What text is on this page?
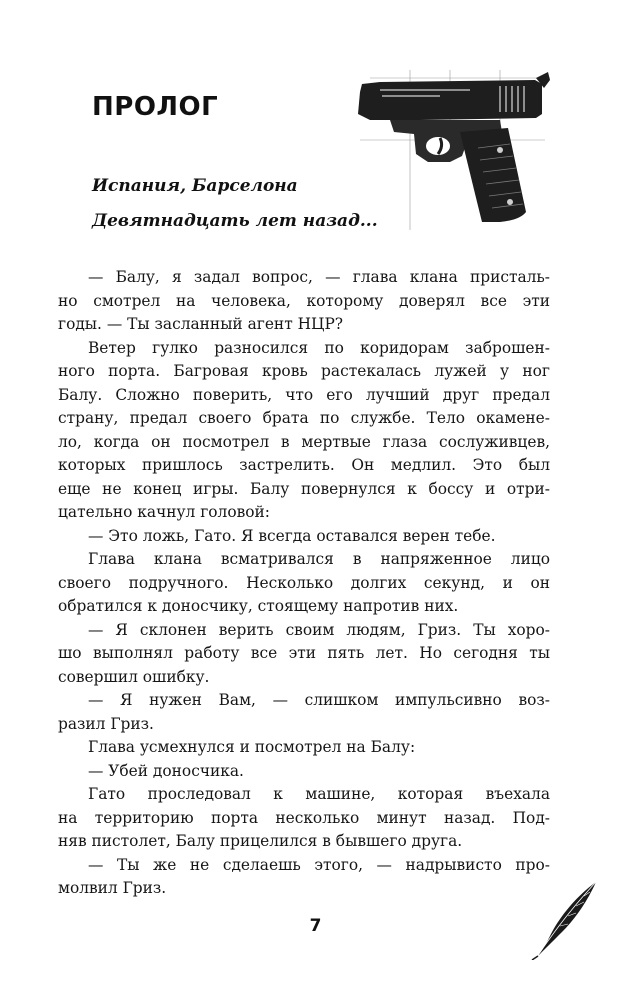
ПРОЛОГ
Испания, Барселона
Девятнадцать лет назад...

— Балу, я задал вопрос, — глава клана присталь-
но смотрел на человека, которому доверял все эти
годы. — Ты засланный агент НЦР?

Ветер гулко разносился по коридорам заброшен-
ного порта. Багровая кровь растекалась лужей у ног
Балу. Сложно поверить, что его лучший друг предал
страну, предал своего брата по службе. Тело окамене-
ло, когда он посмотрел в мертвые глаза сослуживцев,
которых пришлось застрелить. Он медлил. Это был
еще не конец игры. Балу повернулся к боссу и отри-
цательно качнул головой:

— Это ложь, Гато. Я всегда оставался верен тебе.

Глава клана всматривался в напряженное лицо
своего подручного. Несколько долгих секунд, и он
обратился к доносчику, стоящему напротив них.

— Я склонен верить своим людям, Гриз. Ты хоро-
шо выполнял работу все эти пять лет. Но сегодня ты
совершил ошибку.

— Я нужен Вам, — слишком импульсивно воз-
разил Гриз.

Глава усмехнулся и посмотрел на Балу:

— Убей доносчика.

Гато проследовал к машине, которая въехала
на территорию порта несколько минут назад. Под-
няв пистолет, Балу прицелился в бывшего друга.

— Ты же не сделаешь этого, — надрывисто про-
молвил Гриз.

7
